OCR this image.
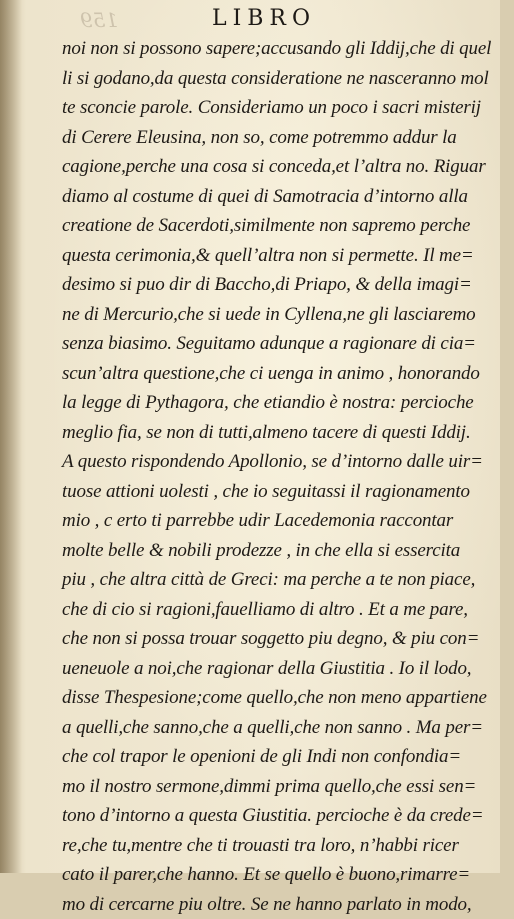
159	LIBRO
noi non si possono sapere;accusando gli Iddij,che di quel
li si godano,da questa consideratione ne nasceranno mol
te sconcie parole. Consideriamo un poco i sacri misterij
di Cerere Eleusina, non so, come potremmo addur la
cagione,perche una cosa si conceda,et l’altra no. Riguar
diamo al costume di quei di Samotracia d’intorno alla
creatione de Sacerdoti,similmente non sapremo perche
questa cerimonia,& quell’altra non si permette. Il me=
desimo si puo dir di Baccho,di Priapo, & della imagi=
ne di Mercurio,che si uede in Cyllena,ne gli lasciaremo
senza biasimo. Seguitamo adunque a ragionare di cia=
scun’altra questione,che ci uenga in animo , honorando
la legge di Pythagora, che etiandio è nostra: percioche
meglio fia, se non di tutti,almeno tacere di questi Iddij.
A questo rispondendo Apollonio, se d’intorno dalle uir=
tuose attioni uolesti , che io seguitassi il ragionamento
mio , c erto ti parrebbe udir Lacedemonia raccontar
molte belle & nobili prodezze , in che ella si essercita
piu , che altra città de Greci: ma perche a te non piace,
che di cio si ragioni,fauelliamo di altro . Et a me pare,
che non si possa trouar soggetto piu degno, & piu con=
ueneuole a noi,che ragionar della Giustitia . Io il lodo,
disse Thespesione;come quello,che non meno appartiene
a quelli,che sanno,che a quelli,che non sanno . Ma per=
che col trapor le openioni de gli Indi non confondia=
mo il nostro sermone,dimmi prima quello,che essi sen=
tono d’intorno a questa Giustitia. percioche è da crede=
re,che tu,mentre che ti trouasti tra loro, n’habbi ricer
cato il parer,che hanno. Et se quello è buono,rimarre=
mo di cercarne piu oltre. Se ne hanno parlato in modo,
